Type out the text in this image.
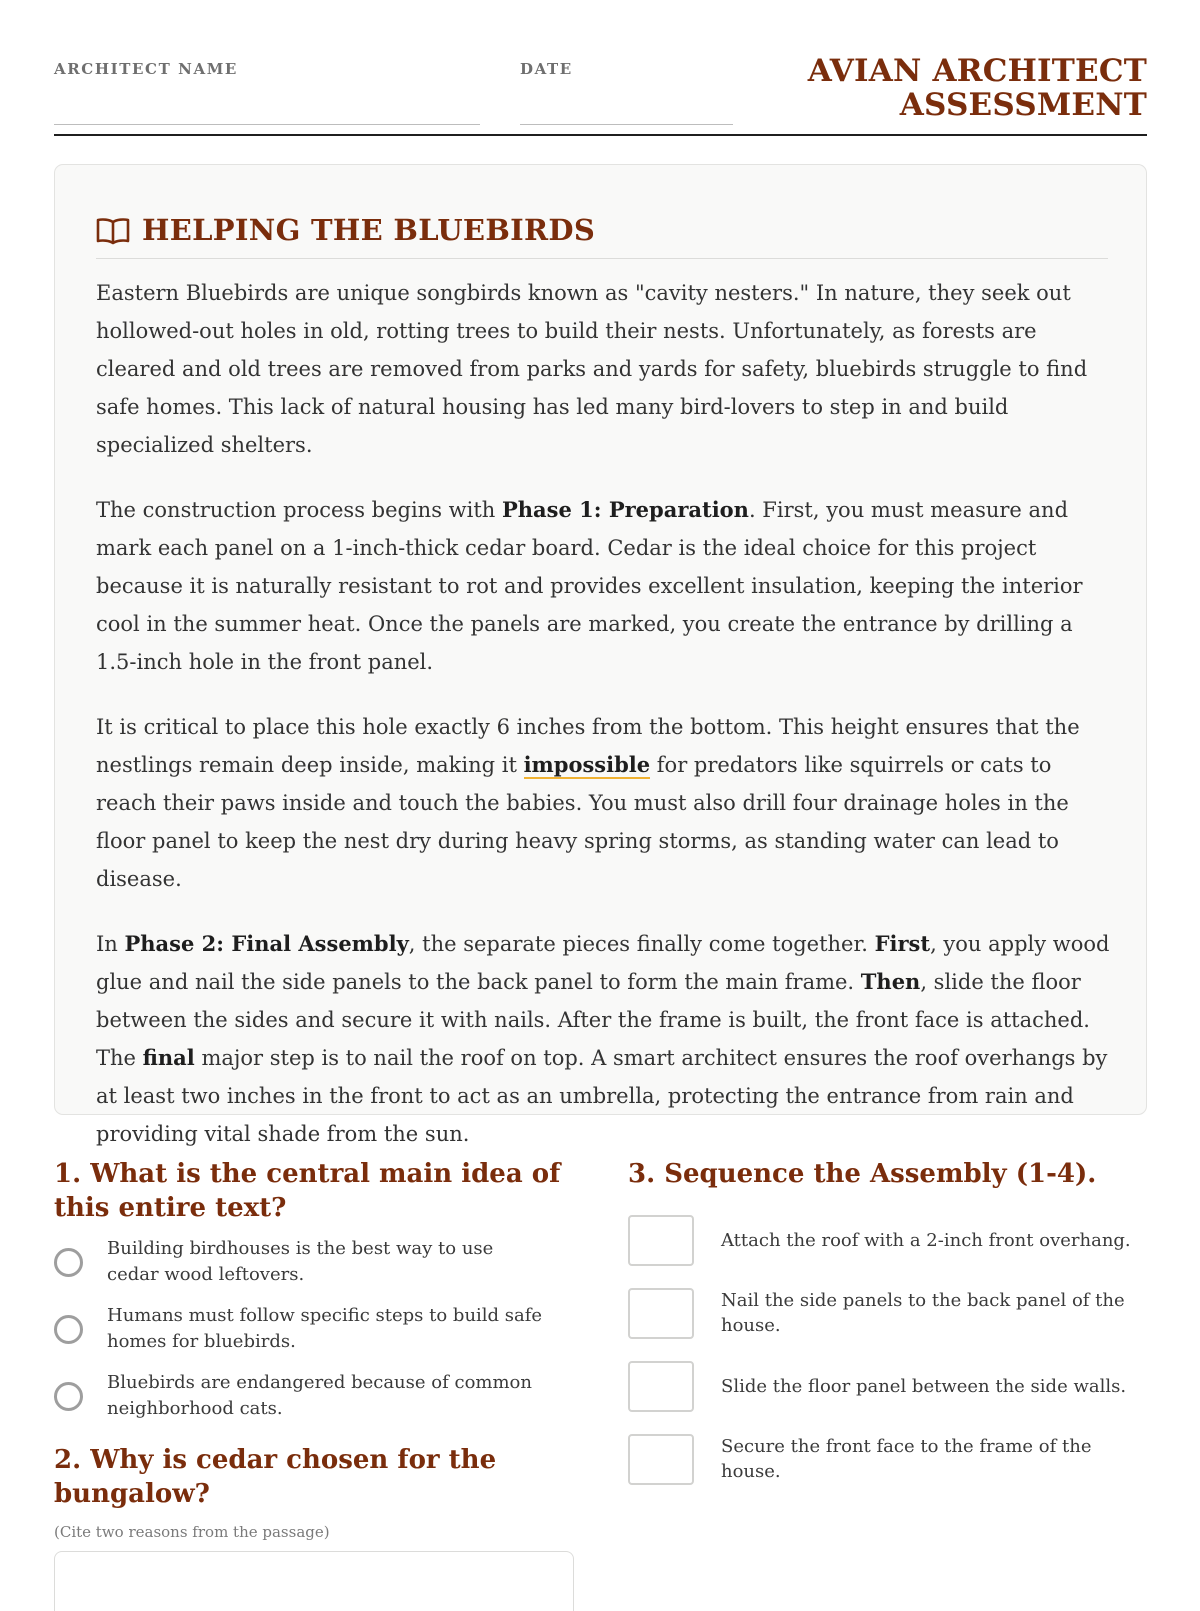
ARCHITECT NAME	DATE	AVIAN ARCHITECT
ASSESSMENT
HELPING THE BLUEBIRDS

Eastern Bluebirds are unique songbirds known as "cavity nesters." In nature, they seek out hollowed-out holes in old, rotting trees to build their nests. Unfortunately, as forests are cleared and old trees are removed from parks and yards for safety, bluebirds struggle to find safe homes. This lack of natural housing has led many bird-lovers to step in and build specialized shelters.

The construction process begins with Phase 1: Preparation. First, you must measure and mark each panel on a 1-inch-thick cedar board. Cedar is the ideal choice for this project because it is naturally resistant to rot and provides excellent insulation, keeping the interior cool in the summer heat. Once the panels are marked, you create the entrance by drilling a 1.5-inch hole in the front panel.

It is critical to place this hole exactly 6 inches from the bottom. This height ensures that the nestlings remain deep inside, making it impossible for predators like squirrels or cats to reach their paws inside and touch the babies. You must also drill four drainage holes in the floor panel to keep the nest dry during heavy spring storms, as standing water can lead to disease.

In Phase 2: Final Assembly, the separate pieces finally come together. First, you apply wood glue and nail the side panels to the back panel to form the main frame. Then, slide the floor between the sides and secure it with nails. After the frame is built, the front face is attached. The final major step is to nail the roof on top. A smart architect ensures the roof overhangs by at least two inches in the front to act as an umbrella, protecting the entrance from rain and providing vital shade from the sun.

1. What is the central main idea of this entire text?
Building birdhouses is the best way to use cedar wood leftovers.
Humans must follow specific steps to build safe homes for bluebirds.
Bluebirds are endangered because of common neighborhood cats.
2. Why is cedar chosen for the bungalow?
(Cite two reasons from the passage)
3. Sequence the Assembly (1-4).
Attach the roof with a 2-inch front overhang.
Nail the side panels to the back panel of the house.
Slide the floor panel between the side walls.
Secure the front face to the frame of the house.
